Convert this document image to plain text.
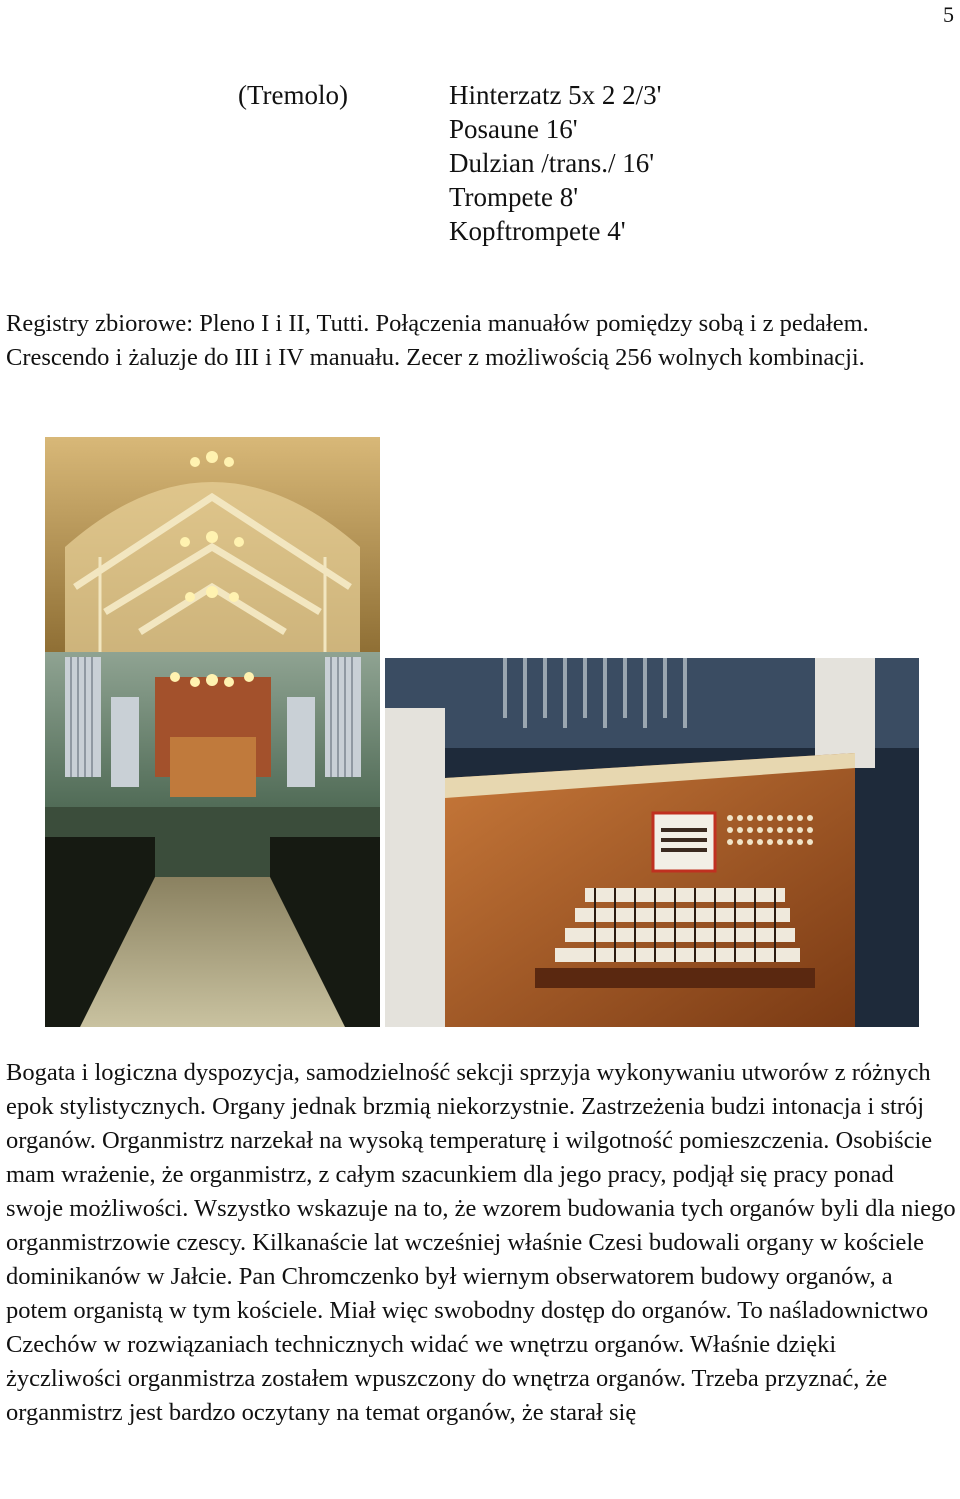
5
(Tremolo)	Hinterzatz 5x 2 2/3'
Posaune 16'
Dulzian /trans./ 16'
Trompete 8'
Kopftrompete 4'

Registry zbiorowe: Pleno I i II, Tutti. Połączenia manuałów pomiędzy sobą i z pedałem. Crescendo i żaluzje do III i IV manuału. Zecer z możliwością 256 wolnych kombinacji.

Bogata i logiczna dyspozycja, samodzielność sekcji sprzyja wykonywaniu utworów z różnych epok stylistycznych. Organy jednak brzmią niekorzystnie. Zastrzeżenia budzi intonacja i strój organów. Organmistrz narzekał na wysoką temperaturę i wilgotność pomieszczenia. Osobiście mam wrażenie, że organmistrz, z całym szacunkiem dla jego pracy, podjął się pracy ponad swoje możliwości. Wszystko wskazuje na to, że wzorem budowania tych organów byli dla niego organmistrzowie czescy. Kilkanaście lat wcześniej właśnie Czesi budowali organy w kościele dominikanów w Jałcie. Pan Chromczenko był wiernym obserwatorem budowy organów, a potem organistą w tym kościele. Miał więc swobodny dostęp do organów. To naśladownictwo Czechów w rozwiązaniach technicznych widać we wnętrzu organów. Właśnie dzięki życzliwości organmistrza zostałem wpuszczony do wnętrza organów. Trzeba przyznać, że organmistrz jest bardzo oczytany na temat organów, że starał się
